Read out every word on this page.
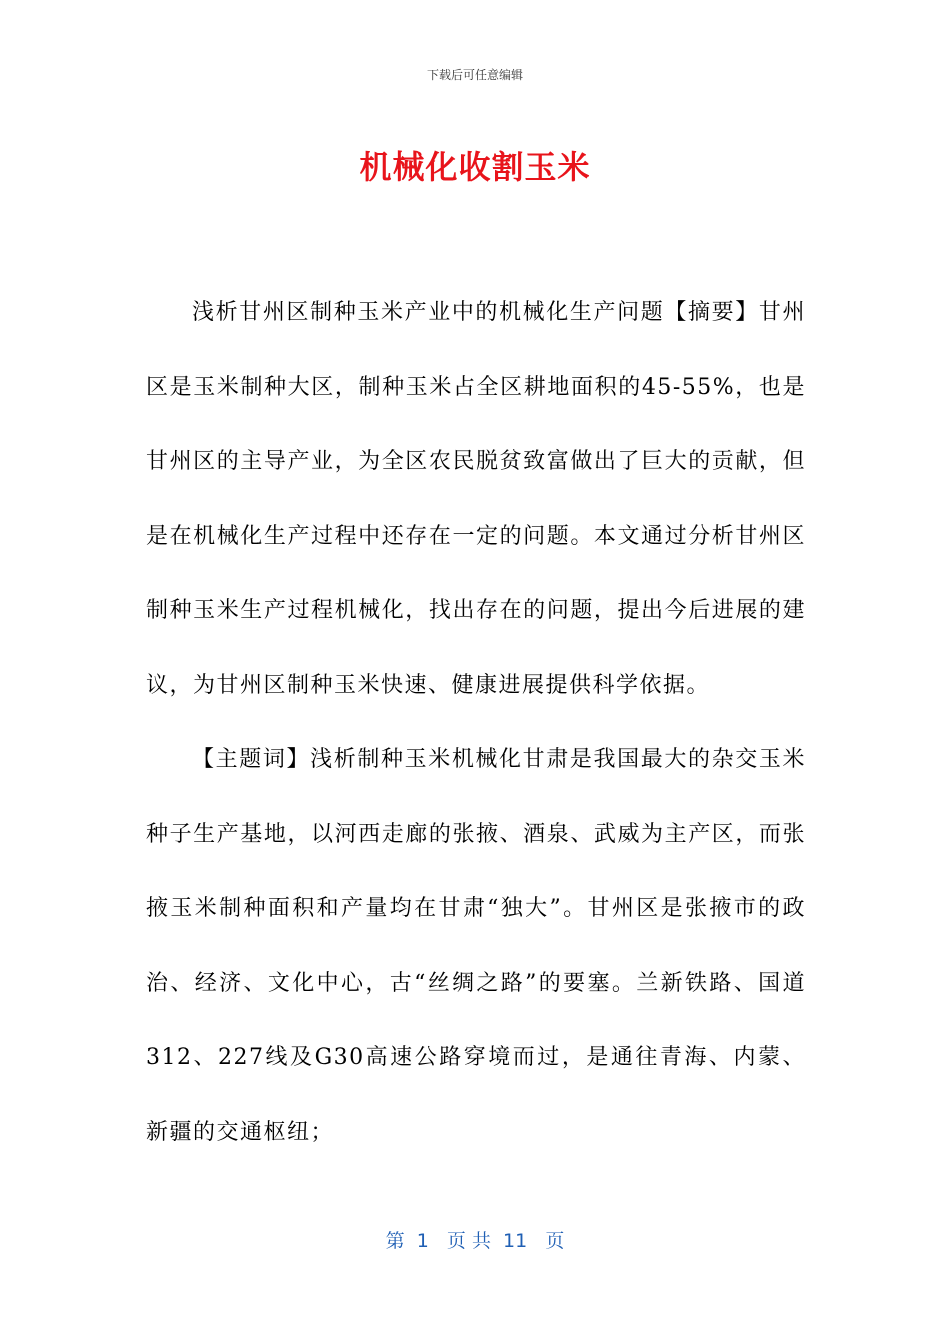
下载后可任意编辑
机械化收割玉米

浅析甘州区制种玉米产业中的机械化生产问题【摘要】甘州区是玉米制种大区，制种玉米占全区耕地面积的45-55%，也是甘州区的主导产业，为全区农民脱贫致富做出了巨大的贡献，但是在机械化生产过程中还存在一定的问题。本文通过分析甘州区制种玉米生产过程机械化，找出存在的问题，提出今后进展的建议，为甘州区制种玉米快速、健康进展提供科学依据。

【主题词】浅析制种玉米机械化甘肃是我国最大的杂交玉米种子生产基地，以河西走廊的张掖、酒泉、武威为主产区，而张掖玉米制种面积和产量均在甘肃“独大”。甘州区是张掖市的政治、经济、文化中心，古“丝绸之路”的要塞。兰新铁路、国道312、227线及G30高速公路穿境而过，是通往青海、内蒙、新疆的交通枢纽；

第  1   页 共  11   页
